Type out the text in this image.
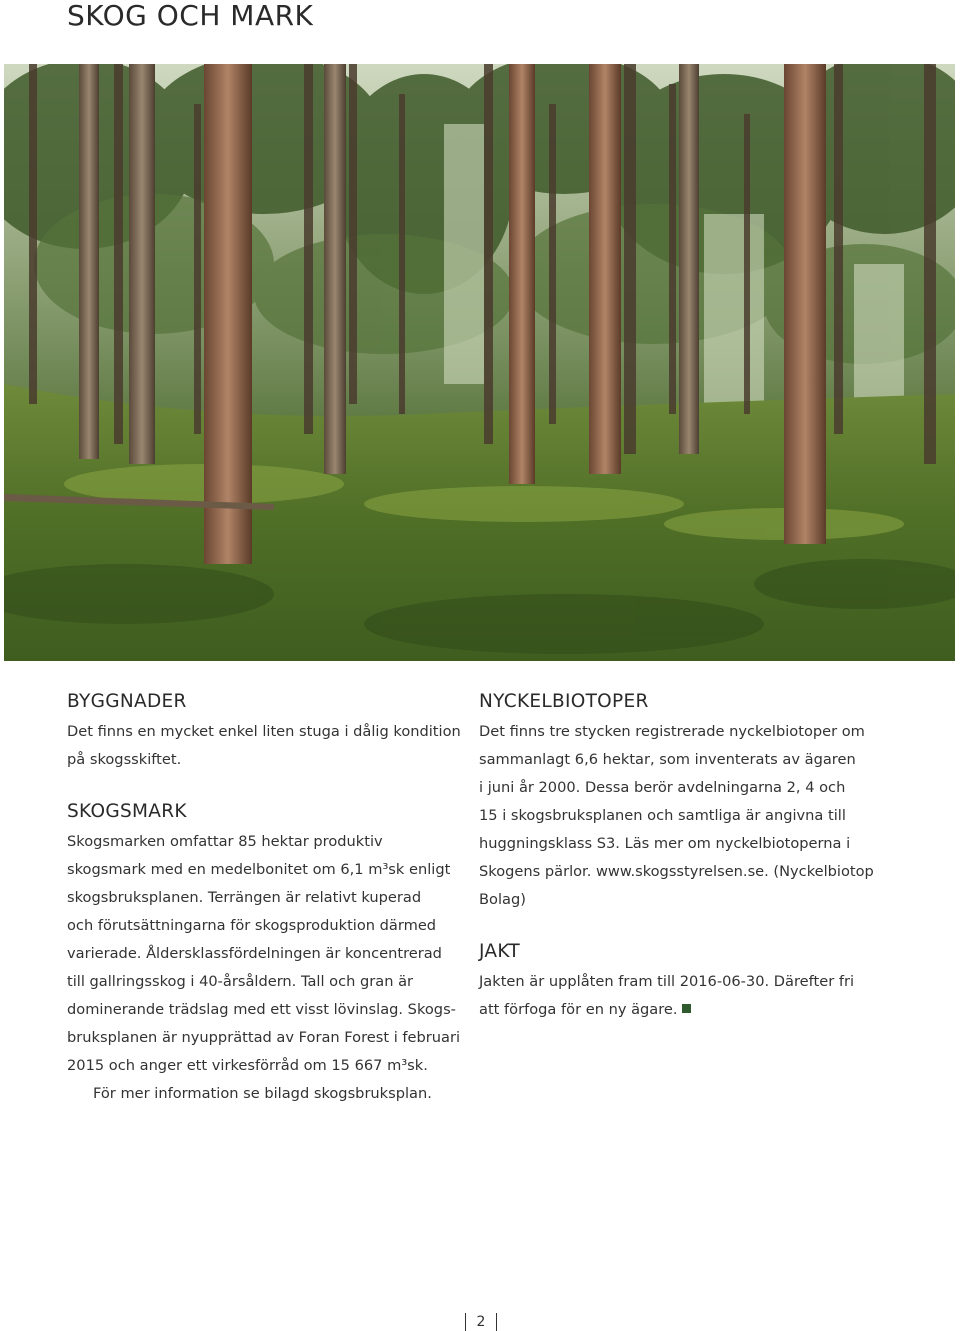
SKOG OCH MARK
BYGGNADER

Det finns en mycket enkel liten stuga i dålig kondition
på skogsskiftet.

SKOGSMARK

Skogsmarken omfattar 85 hektar produktiv
skogsmark med en medelbonitet om 6,1 m³sk enligt
skogsbruksplanen. Terrängen är relativt kuperad
och förutsättningarna för skogsproduktion därmed
varierade. Åldersklassfördelningen är koncentrerad
till gallringsskog i 40-årsåldern. Tall och gran är
dominerande trädslag med ett visst lövinslag. Skogs-
bruksplanen är nyupprättad av Foran Forest i februari
2015 och anger ett virkesförråd om 15 667 m³sk.

För mer information se bilagd skogsbruksplan.

NYCKELBIOTOPER

Det finns tre stycken registrerade nyckelbiotoper om
sammanlagt 6,6 hektar, som inventerats av ägaren
i juni år 2000. Dessa berör avdelningarna 2, 4 och
15 i skogsbruksplanen och samtliga är angivna till
huggningsklass S3. Läs mer om nyckelbiotoperna i
Skogens pärlor. www.skogsstyrelsen.se. (Nyckelbiotop
Bolag)

JAKT

Jakten är upplåten fram till 2016-06-30. Därefter fri
att förfoga för en ny ägare.

2
